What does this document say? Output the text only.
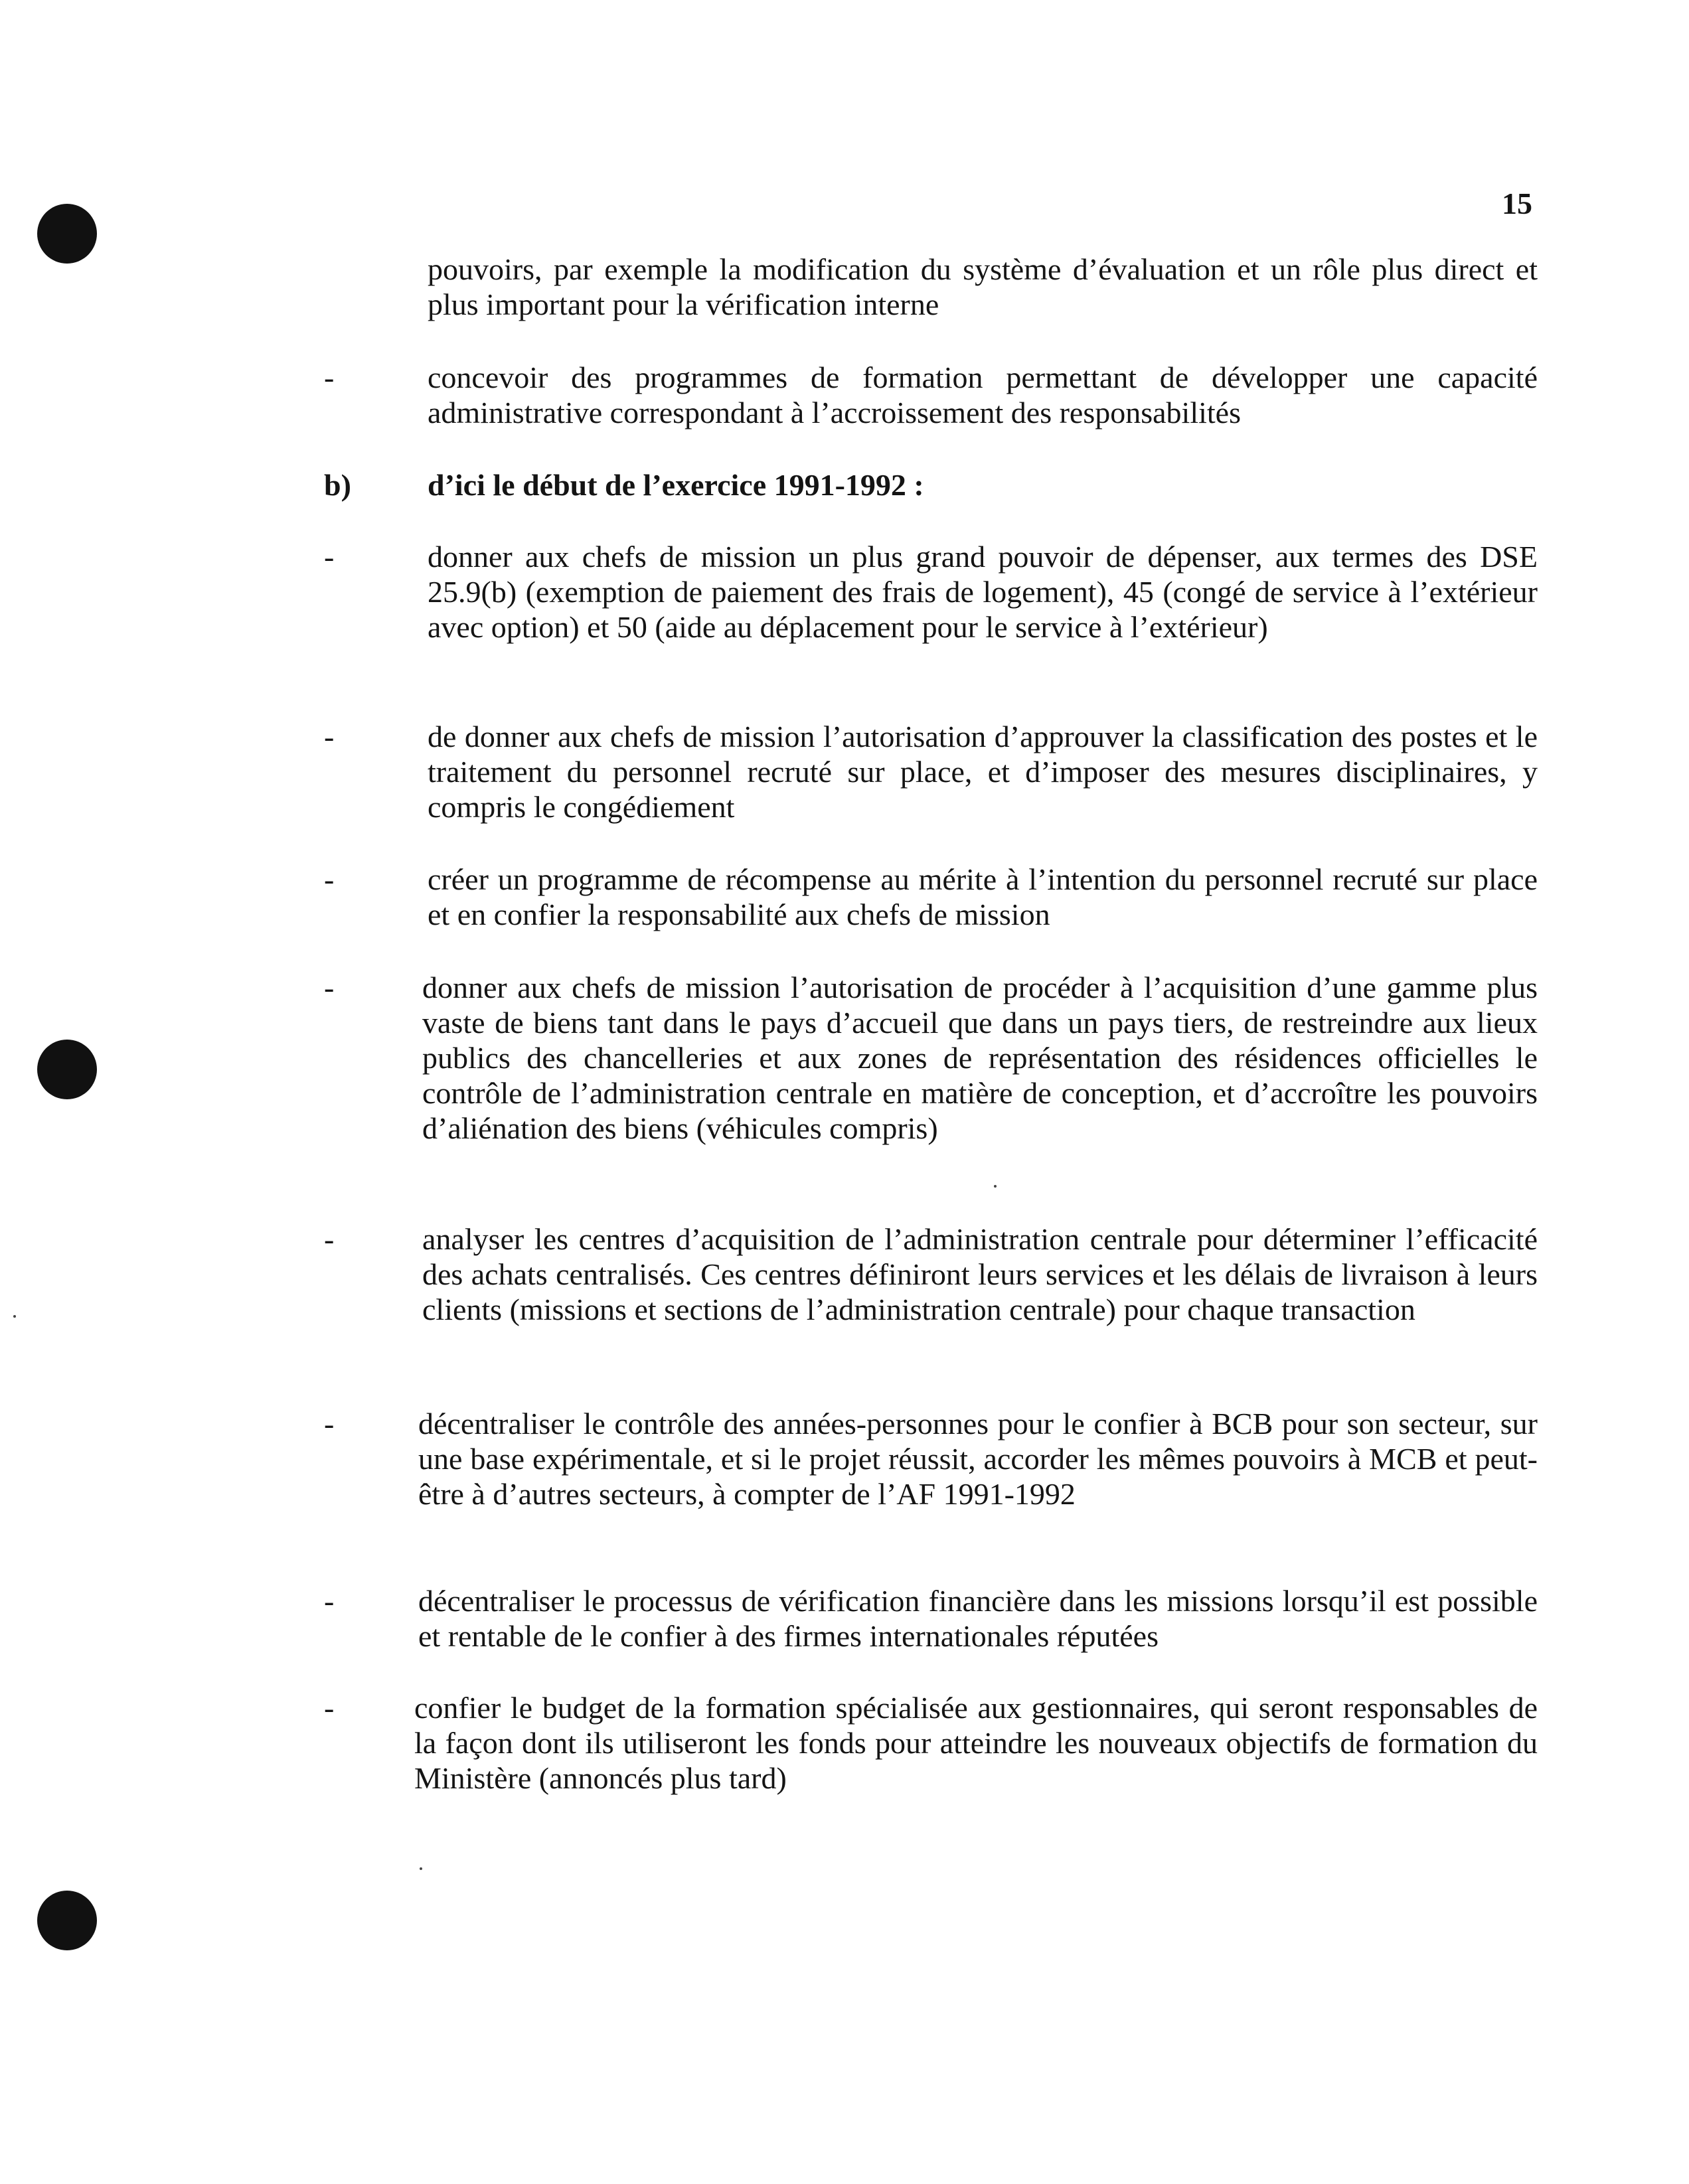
15
pouvoirs, par exemple la modification du système d’évaluation et un rôle plus direct et plus important pour la vérification interne
-	concevoir des programmes de formation permettant de développer une capacité administrative correspondant à l’accroissement des responsabilités
b)	d’ici le début de l’exercice 1991-1992 :
-	donner aux chefs de mission un plus grand pouvoir de dépenser, aux termes des DSE 25.9(b) (exemption de paiement des frais de logement), 45 (congé de service à l’extérieur avec option) et 50 (aide au déplacement pour le service à l’extérieur)
-	de donner aux chefs de mission l’autorisation d’approuver la classification des postes et le traitement du personnel recruté sur place, et d’imposer des mesures disciplinaires, y compris le congédiement
-	créer un programme de récompense au mérite à l’intention du personnel recruté sur place et en confier la responsabilité aux chefs de mission
-	donner aux chefs de mission l’autorisation de procéder à l’acquisition d’une gamme plus vaste de biens tant dans le pays d’accueil que dans un pays tiers, de restreindre aux lieux publics des chancelleries et aux zones de représentation des résidences officielles le contrôle de l’administration centrale en matière de conception, et d’accroître les pouvoirs d’aliénation des biens (véhicules compris)
-	analyser les centres d’acquisition de l’administration centrale pour déterminer l’efficacité des achats centralisés. Ces centres définiront leurs services et les délais de livraison à leurs clients (missions et sections de l’administration centrale) pour chaque transaction
-	décentraliser le contrôle des années-personnes pour le confier à BCB pour son secteur, sur une base expérimentale, et si le projet réussit, accorder les mêmes pouvoirs à MCB et peut-être à d’autres secteurs, à compter de l’AF 1991-1992
-	décentraliser le processus de vérification financière dans les missions lorsqu’il est possible et rentable de le confier à des firmes internationales réputées
-	confier le budget de la formation spécialisée aux gestionnaires, qui seront responsables de la façon dont ils utiliseront les fonds pour atteindre les nouveaux objectifs de formation du Ministère (annoncés plus tard)
